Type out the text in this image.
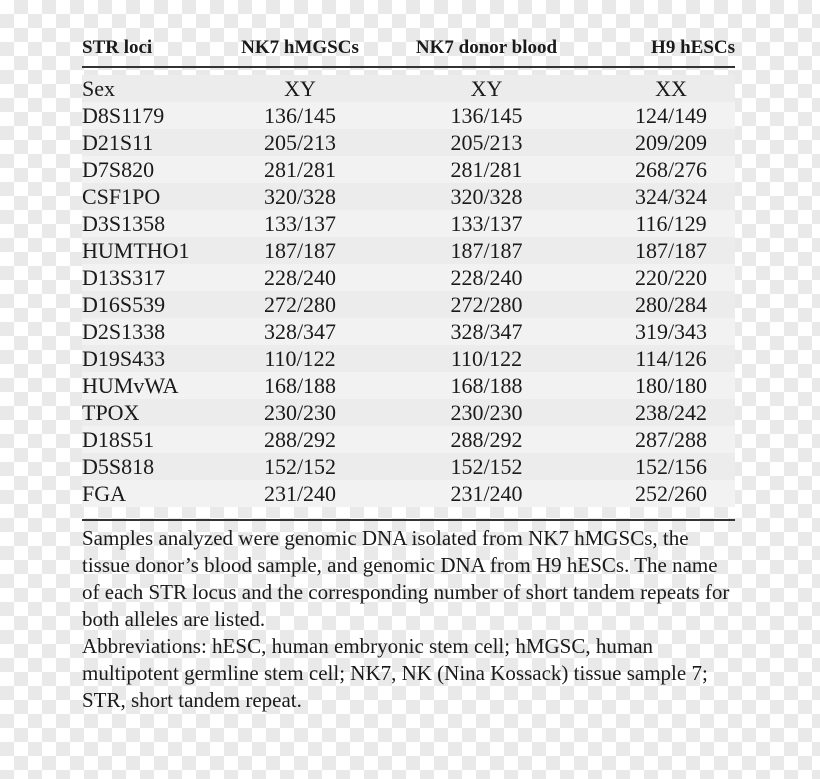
STR loci	NK7 hMGSCs	NK7 donor blood	H9 hESCs

Sex	XY	XY	XX
D8S1179	136/145	136/145	124/149
D21S11	205/213	205/213	209/209
D7S820	281/281	281/281	268/276
CSF1PO	320/328	320/328	324/324
D3S1358	133/137	133/137	116/129
HUMTHO1	187/187	187/187	187/187
D13S317	228/240	228/240	220/220
D16S539	272/280	272/280	280/284
D2S1338	328/347	328/347	319/343
D19S433	110/122	110/122	114/126
HUMvWA	168/188	168/188	180/180
TPOX	230/230	230/230	238/242
D18S51	288/292	288/292	287/288
D5S818	152/152	152/152	152/156
FGA	231/240	231/240	252/260

Samples analyzed were genomic DNA isolated from NK7 hMGSCs, the tissue donor’s blood sample, and genomic DNA from H9 hESCs. The name of each STR locus and the corresponding number of short tandem repeats for both alleles are listed.

Abbreviations: hESC, human embryonic stem cell; hMGSC, human multipotent germline stem cell; NK7, NK (Nina Kossack) tissue sample 7; STR, short tandem repeat.
